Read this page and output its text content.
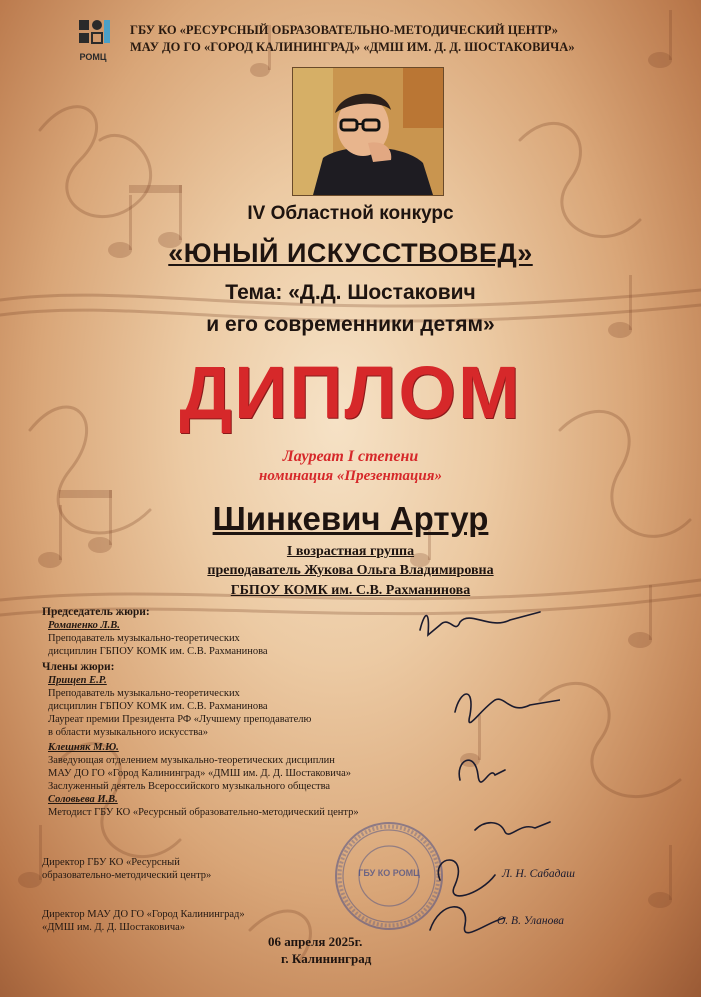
РОМЦ
ГБУ КО «РЕСУРСНЫЙ ОБРАЗОВАТЕЛЬНО-МЕТОДИЧЕСКИЙ ЦЕНТР»
МАУ ДО ГО «ГОРОД КАЛИНИНГРАД» «ДМШ ИМ. Д. Д. ШОСТАКОВИЧА»
IV Областной конкурс
«ЮНЫЙ ИСКУССТВОВЕД»
Тема: «Д.Д. Шостакович
и его современники детям»
ДИПЛОМ
Лауреат I степени
номинация «Презентация»
Шинкевич Артур
I возрастная группа
преподаватель Жукова Ольга Владимировна
ГБПОУ КОМК им. С.В. Рахманинова
Председатель жюри:
Романенко Л.В.
Преподаватель музыкально-теоретических
дисциплин ГБПОУ КОМК им. С.В. Рахманинова
Члены жюри:
Прищеп Е.Р.
Преподаватель музыкально-теоретических
дисциплин ГБПОУ КОМК им. С.В. Рахманинова
Лауреат премии Президента РФ «Лучшему преподавателю
в области музыкального искусства»
Клешняк М.Ю.
Заведующая отделением музыкально-теоретических дисциплин
МАУ ДО ГО «Город Калининград» «ДМШ им. Д. Д. Шостаковича»
Заслуженный деятель Всероссийского музыкального общества
Соловьева И.В.
Методист ГБУ КО «Ресурсный образовательно-методический центр»
Директор ГБУ КО «Ресурсный
образовательно-методический центр»
Директор МАУ ДО ГО «Город Калининград»
«ДМШ им. Д. Д. Шостаковича»
Л. Н. Сабадаш
О. В. Уланова
ГБУ КО РОМЦ
06 апреля 2025г.
г. Калининград
